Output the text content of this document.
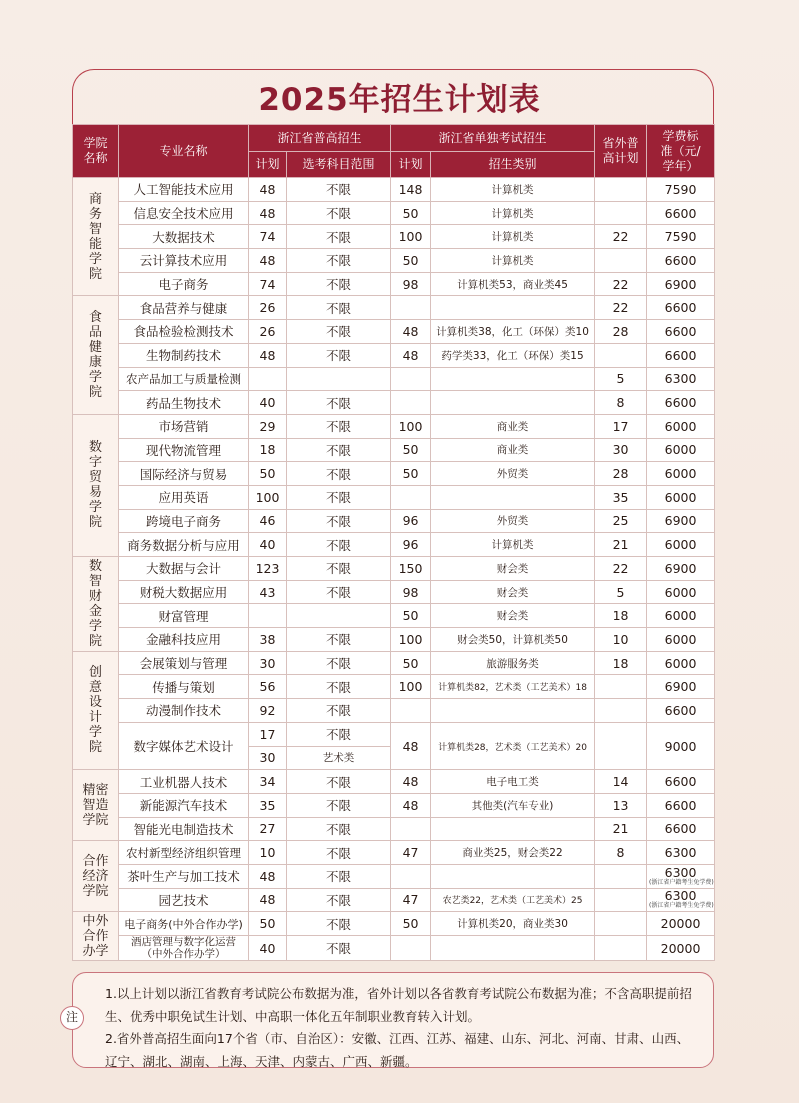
2025年招生计划表
学院名称	专业名称	浙江省普高招生		浙江省单独考试招生		省外普高计划	学费标准（元/学年）
		计划	选考科目范围	计划	招生类别		
商务智能学院	人工智能技术应用	48	不限	148	计算机类		7590
	信息安全技术应用	48	不限	50	计算机类		6600
	大数据技术	74	不限	100	计算机类	22	7590
	云计算技术应用	48	不限	50	计算机类		6600
	电子商务	74	不限	98	计算机类53，商业类45	22	6900
食品健康学院	食品营养与健康	26	不限			22	6600
	食品检验检测技术	26	不限	48	计算机类38，化工（环保）类10	28	6600
	生物制药技术	48	不限	48	药学类33，化工（环保）类15		6600
	农产品加工与质量检测					5	6300
	药品生物技术	40	不限			8	6600
数字贸易学院	市场营销	29	不限	100	商业类	17	6000
	现代物流管理	18	不限	50	商业类	30	6000
	国际经济与贸易	50	不限	50	外贸类	28	6000
	应用英语	100	不限			35	6000
	跨境电子商务	46	不限	96	外贸类	25	6900
	商务数据分析与应用	40	不限	96	计算机类	21	6000
数智财金学院	大数据与会计	123	不限	150	财会类	22	6900
	财税大数据应用	43	不限	98	财会类	5	6000
	财富管理			50	财会类	18	6000
	金融科技应用	38	不限	100	财会类50，计算机类50	10	6000
创意设计学院	会展策划与管理	30	不限	50	旅游服务类	18	6000
	传播与策划	56	不限	100	计算机类82，艺术类（工艺美术）18		6900
	动漫制作技术	92	不限				6600
	数字媒体艺术设计	17	不限	48	计算机类28，艺术类（工艺美术）20		9000
		30	艺术类				
精密智造学院	工业机器人技术	34	不限	48	电子电工类	14	6600
	新能源汽车技术	35	不限	48	其他类(汽车专业)	13	6600
	智能光电制造技术	27	不限			21	6600
合作经济学院	农村新型经济组织管理	10	不限	47	商业类25，财会类22	8	6300
	茶叶生产与加工技术	48	不限				6300
(浙江省户籍考生免学费)

	园艺技术	48	不限	47	农艺类22，艺术类（工艺美术）25		6300
(浙江省户籍考生免学费)

中外合作办学	电子商务(中外合作办学)	50	不限	50	计算机类20，商业类30		20000
	酒店管理与数字化运营（中外合作办学）	40	不限				20000
1.以上计划以浙江省教育考试院公布数据为准，省外计划以各省教育考试院公布数据为准；不含高职提前招生、优秀中职免试生计划、中高职一体化五年制职业教育转入计划。
2.省外普高招生面向17个省（市、自治区）：安徽、江西、江苏、福建、山东、河北、河南、甘肃、山西、辽宁、湖北、湖南、上海、天津、内蒙古、广西、新疆。
注
